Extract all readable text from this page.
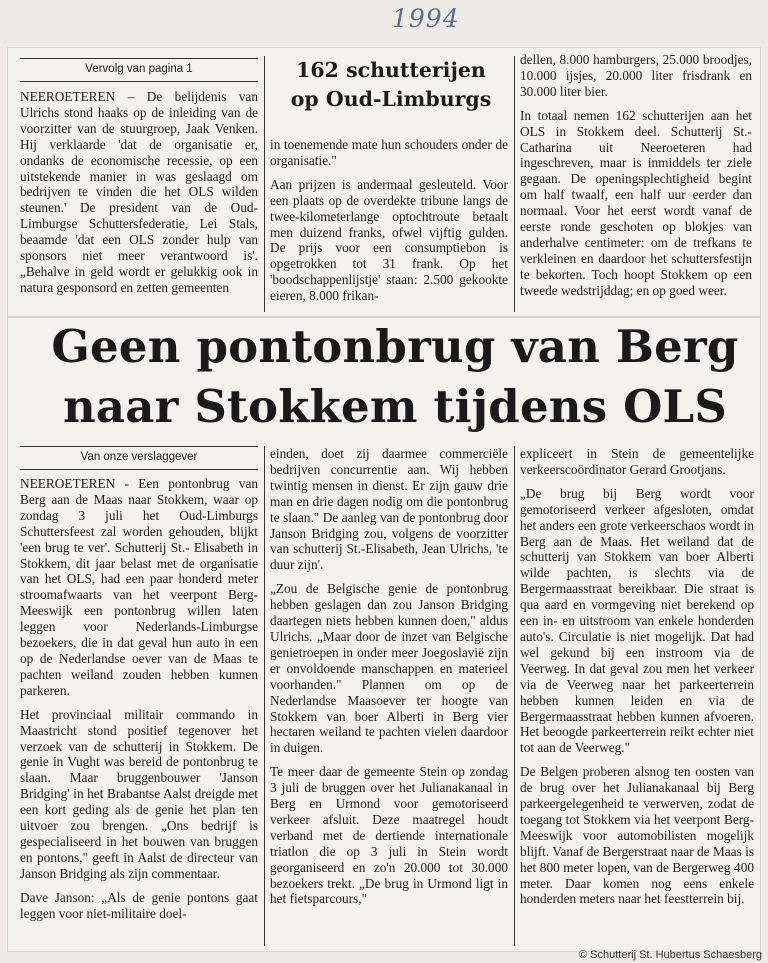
1994
Vervolg van pagina 1

NEEROETEREN – De belijdenis van Ulrichs stond haaks op de inleiding van de voorzitter van de stuurgroep, Jaak Venken. Hij verklaarde 'dat de organisatie er, ondanks de economische recessie, op een uitstekende manier in was geslaagd om bedrijven te vinden die het OLS wilden steunen.' De president van de Oud-Limburgse Schuttersfederatie, Lei Stals, beaamde 'dat een OLS zonder hulp van sponsors niet meer verantwoord is'. „Behalve in geld wordt er gelukkig ook in natura gesponsord en zetten gemeenten

162 schutterijen
op Oud-Limburgs

in toenemende mate hun schouders onder de organisatie."

Aan prijzen is andermaal gesleuteld. Voor een plaats op de overdekte tribune langs de twee-kilometerlange optochtroute betaalt men duizend franks, ofwel vijftig gulden. De prijs voor een consumptiebon is opgetrokken tot 31 frank. Op het 'boodschappenlijstje' staan: 2.500 gekookte eieren, 8.000 frikan-

dellen, 8.000 hamburgers, 25.000 broodjes, 10.000 ijsjes, 20.000 liter frisdrank en 30.000 liter bier.

In totaal nemen 162 schutterijen aan het OLS in Stokkem deel. Schutterij St.-Catharina uit Neeroeteren had ingeschreven, maar is inmiddels ter ziele gegaan. De openingsplechtigheid begint om half twaalf, een half uur eerder dan normaal. Voor het eerst wordt vanaf de eerste ronde geschoten op blokjes van anderhalve centimeter: om de trefkans te verkleinen en daardoor het schuttersfestijn te bekorten. Toch hoopt Stokkem op een tweede wedstrijddag; en op goed weer.

Geen pontonbrug van Berg
naar Stokkem tijdens OLS
Van onze verslaggever

NEEROETEREN - Een pontonbrug van Berg aan de Maas naar Stokkem, waar op zondag 3 juli het Oud-Limburgs Schuttersfeest zal worden gehouden, blijkt 'een brug te ver'. Schutterij St.- Elisabeth in Stokkem, dit jaar belast met de organisatie van het OLS, had een paar honderd meter stroomafwaarts van het veerpont Berg-Meeswijk een pontonbrug willen laten leggen voor Nederlands-Limburgse bezoekers, die in dat geval hun auto in een op de Nederlandse oever van de Maas te pachten weiland zouden hebben kunnen parkeren.

Het provinciaal militair commando in Maastricht stond positief tegenover het verzoek van de schutterij in Stokkem. De genie in Vught was bereid de pontonbrug te slaan. Maar bruggenbouwer 'Janson Bridging' in het Brabantse Aalst dreigde met een kort geding als de genie het plan ten uitvoer zou brengen. „Ons bedrijf is gespecialiseerd in het bouwen van bruggen en pontons," geeft in Aalst de directeur van Janson Bridging als zijn commentaar.

Dave Janson: „Als de genie pontons gaat leggen voor niet-militaire doel-

einden, doet zij daarmee commerciële bedrijven concurrentie aan. Wij hebben twintig mensen in dienst. Er zijn gauw drie man en drie dagen nodig om die pontonbrug te slaan." De aanleg van de pontonbrug door Janson Bridging zou, volgens de voorzitter van schutterij St.-Elisabeth, Jean Ulrichs, 'te duur zijn'.

„Zou de Belgische genie de pontonbrug hebben geslagen dan zou Janson Bridging daartegen niets hebben kunnen doen," aldus Ulrichs. „Maar door de inzet van Belgische genietroepen in onder meer Joegoslavië zijn er onvoldoende manschappen en materieel voorhanden." Plannen om op de Nederlandse Maasoever ter hoogte van Stokkem van boer Alberti in Berg vier hectaren weiland te pachten vielen daardoor in duigen.

Te meer daar de gemeente Stein op zondag 3 juli de bruggen over het Julianakanaal in Berg en Urmond voor gemotoriseerd verkeer afsluit. Deze maatregel houdt verband met de dertiende internationale triatlon die op 3 juli in Stein wordt georganiseerd en zo'n 20.000 tot 30.000 bezoekers trekt. „De brug in Urmond ligt in het fietsparcours,"

expliceert in Stein de gemeentelijke verkeerscoördinator Gerard Grootjans.

„De brug bij Berg wordt voor gemotoriseerd verkeer afgesloten, omdat het anders een grote verkeerschaos wordt in Berg aan de Maas. Het weiland dat de schutterij van Stokkem van boer Alberti wilde pachten, is slechts via de Bergermaasstraat bereikbaar. Die straat is qua aard en vormgeving niet berekend op een in- en uitstroom van enkele honderden auto's. Circulatie is niet mogelijk. Dat had wel gekund bij een instroom via de Veerweg. In dat geval zou men het verkeer via de Veerweg naar het parkeerterrein hebben kunnen leiden en via de Bergermaasstraat hebben kunnen afvoeren. Het beoogde parkeerterrein reikt echter niet tot aan de Veerweg."

De Belgen proberen alsnog ten oosten van de brug over het Julianakanaal bij Berg parkeergelegenheid te verwerven, zodat de toegang tot Stokkem via het veerpont Berg-Meeswijk voor automobilisten mogelijk blijft. Vanaf de Bergerstraat naar de Maas is het 800 meter lopen, van de Bergerweg 400 meter. Daar komen nog eens enkele honderden meters naar het feestterrein bij.

© Schutterij St. Hubertus Schaesberg
